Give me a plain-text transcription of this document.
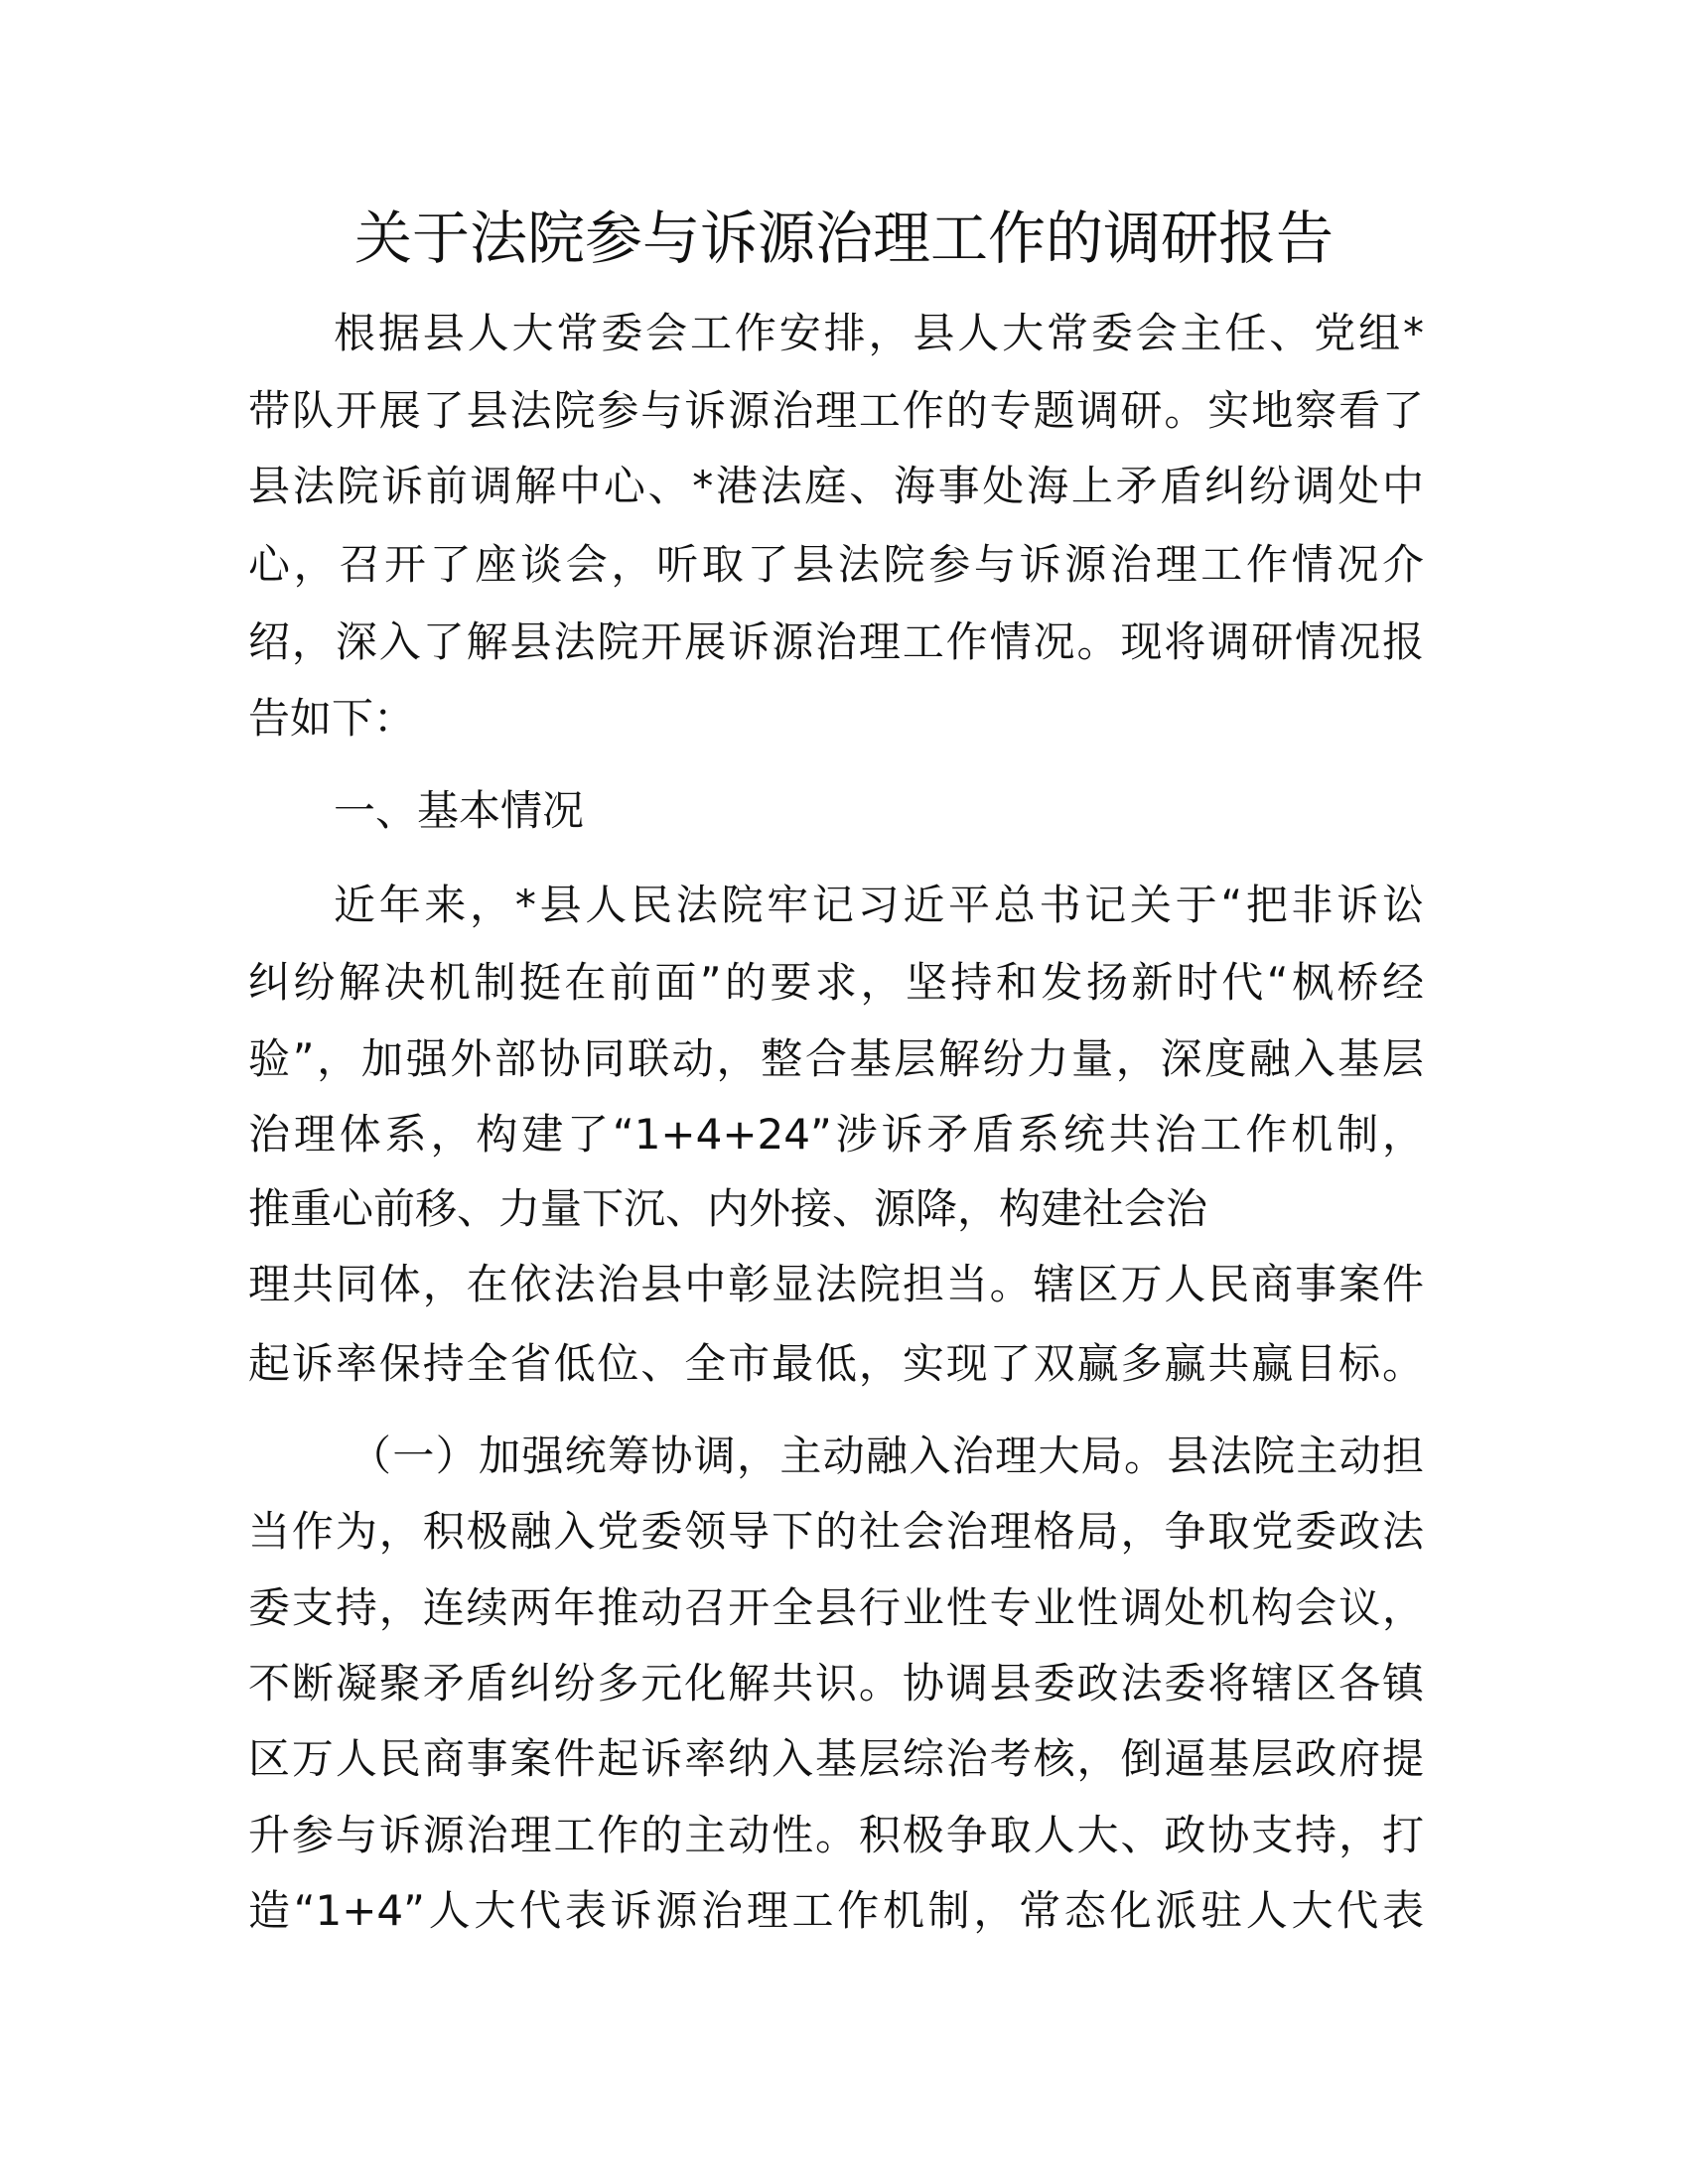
关于法院参与诉源治理工作的调研报告
根据县人大常委会工作安排，县人大常委会主任、党组*
带队开展了县法院参与诉源治理工作的专题调研。实地察看了
县法院诉前调解中心、*港法庭、海事处海上矛盾纠纷调处中
心，召开了座谈会，听取了县法院参与诉源治理工作情况介
绍，深入了解县法院开展诉源治理工作情况。现将调研情况报
告如下：
一、基本情况
近年来，*县人民法院牢记习近平总书记关于“把非诉讼
纠纷解决机制挺在前面”的要求，坚持和发扬新时代“枫桥经
验”，加强外部协同联动，整合基层解纷力量，深度融入基层
治理体系，构建了“1+4+24”涉诉矛盾系统共治工作机制，
推重心前移、力量下沉、内外接、源降，构建社会治
理共同体，在依法治县中彰显法院担当。辖区万人民商事案件
起诉率保持全省低位、全市最低，实现了双赢多赢共赢目标。
（一）加强统筹协调，主动融入治理大局。县法院主动担
当作为，积极融入党委领导下的社会治理格局，争取党委政法
委支持，连续两年推动召开全县行业性专业性调处机构会议，
不断凝聚矛盾纠纷多元化解共识。协调县委政法委将辖区各镇
区万人民商事案件起诉率纳入基层综治考核，倒逼基层政府提
升参与诉源治理工作的主动性。积极争取人大、政协支持，打
造“1+4”人大代表诉源治理工作机制，常态化派驻人大代表
